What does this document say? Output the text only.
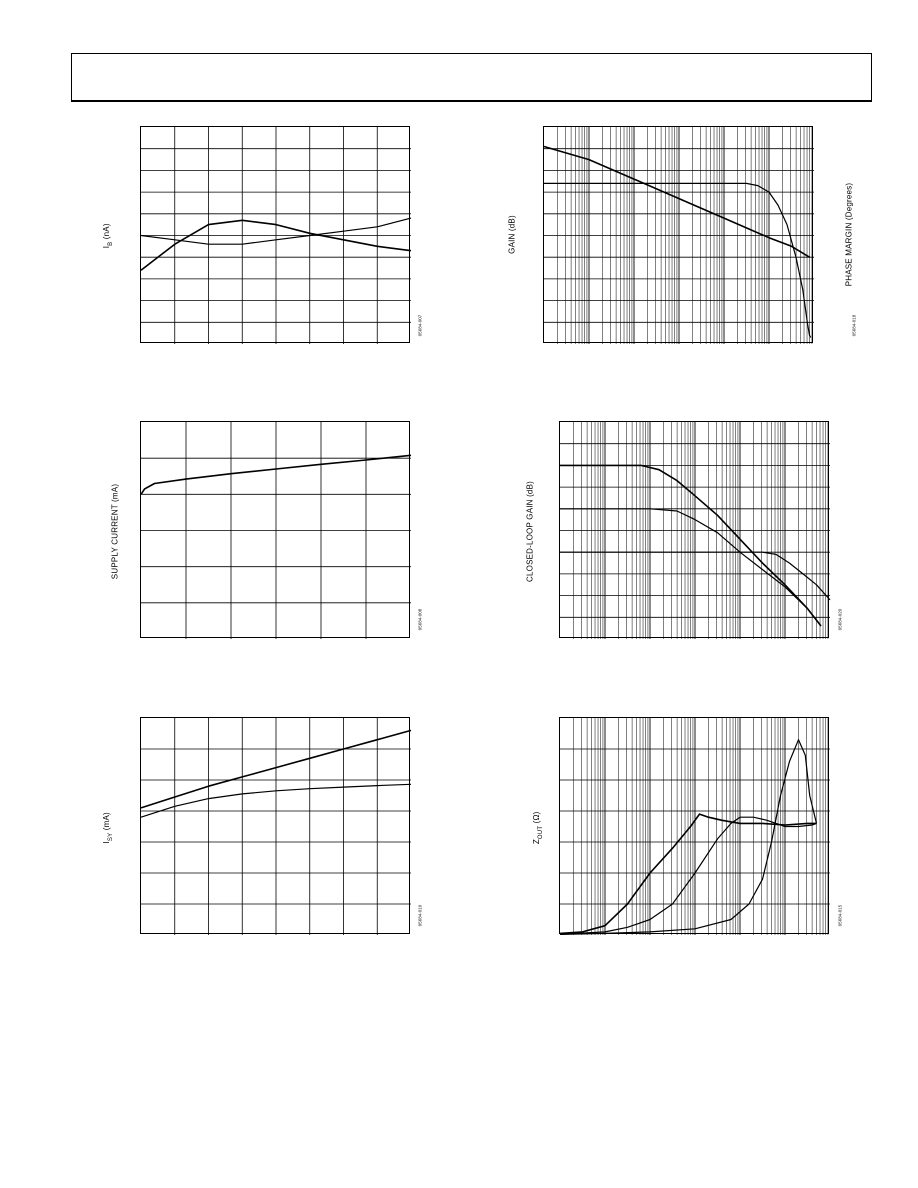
$I_B$ (nA)
05684-007
SUPPLY CURRENT (mA)
05684-008
$I_{SY}$ (mA)
05684-010
GAIN (dB)	PHASE MARGIN (Degrees)
05684-018
CLOSED-LOOP GAIN (dB)
05684-020
$Z_{OUT}$ (Ω)
05684-015
